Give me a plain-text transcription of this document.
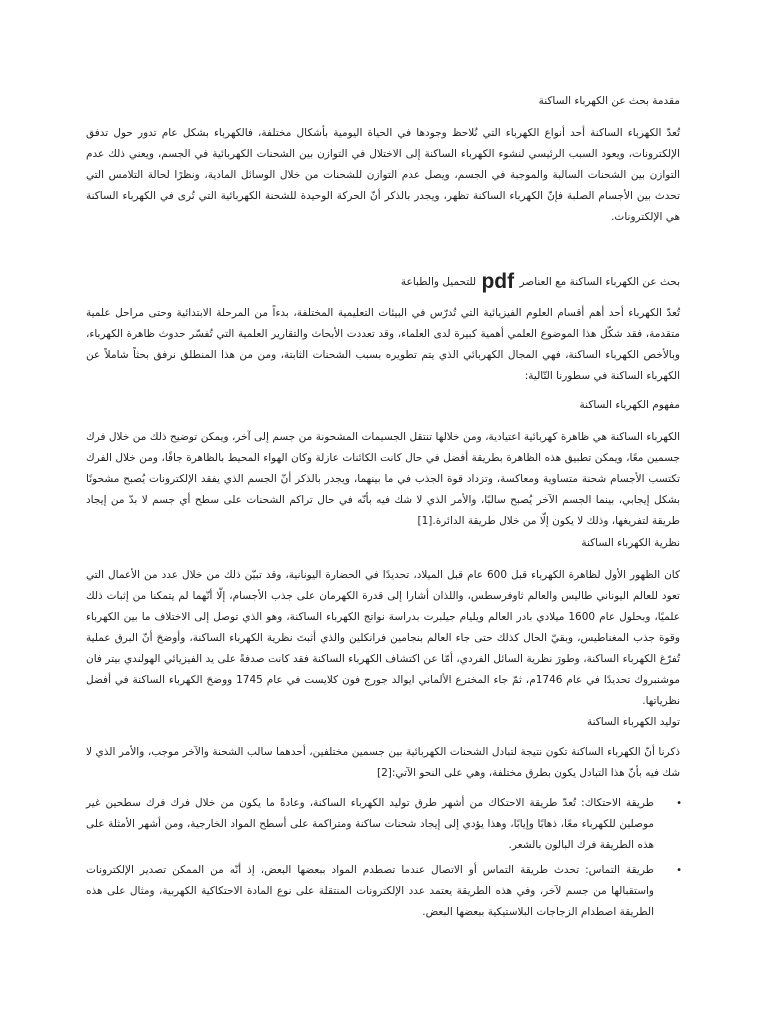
مقدمة بحث عن الكهرباء الساكنة
تُعدّ الكهرباء الساكنة أحد أنواع الكهرباء التي نُلاحظ وجودها في الحياة اليومية بأشكال مختلفة، فالكهرباء بشكل عام تدور حول تدفق الإلكترونات، ويعود السبب الرئيسي لنشوء الكهرباء الساكنة إلى الاختلال في التوازن بين الشحنات الكهربائية في الجسم، ويعني ذلك عدم التوازن بين الشحنات السالبة والموجبة في الجسم، ويصل عدم التوازن للشحنات من خلال الوسائل المادية، ونظرًا لحالة التلامس التي تحدث بين الأجسام الصلبة فإنّ الكهرباء الساكنة تظهر، ويجدر بالذكر أنّ الحركة الوحيدة للشحنة الكهربائية التي تُرى في الكهرباء الساكنة هي الإلكترونات.
بحث عن الكهرباء الساكنة مع العناصر pdf للتحميل والطباعة
تُعدّ الكهرباء أحد أهم أقسام العلوم الفيزيائية التي تُدرّس في البيئات التعليمية المختلفة، بدءاً من المرحلة الابتدائية وحتى مراحل علمية متقدمة، فقد شكّل هذا الموضوع العلمي أهمية كبيرة لدى العلماء، وقد تعددت الأبحاث والتقارير العلمية التي تُفسّر حدوث ظاهرة الكهرباء، وبالأخص الكهرباء الساكنة، فهي المجال الكهربائي الذي يتم تطويره بسبب الشحنات الثابتة، ومن من هذا المنطلق نرفق بحثاً شاملاً عن الكهرباء الساكنة في سطورنا التّالية:
مفهوم الكهرباء الساكنة
الكهرباء الساكنة هي ظاهرة كهربائية اعتيادية، ومن خلالها تنتقل الجسيمات المشحونة من جسم إلى آخر، ويمكن توضيح ذلك من خلال فرك جسمين معًا، ويمكن تطبيق هذه الظاهرة بطريقة أفضل في حال كانت الكائنات عازلة وكان الهواء المحيط بالظاهرة جافًا، ومن خلال الفرك تكتسب الأجسام شحنة متساوية ومعاكسة، وتزداد قوة الجذب في ما بينهما، ويجدر بالذكر أنّ الجسم الذي يفقد الإلكترونات يُصبح مشحونًا بشكل إيجابي، بينما الجسم الآخر يُصبح سالبًا، والأمر الذي لا شك فيه بأنّه في حال تراكم الشحنات على سطح أي جسم لا بدّ من إيجاد طريقة لتفريغها، وذلك لا يكون إلّا من خلال طريقة الدائرة.[1]
نظرية الكهرباء الساكنة
كان الظهور الأول لظاهرة الكهرباء قبل 600 عام قبل الميلاد، تحديدًا في الحضارة اليونانية، وقد تبيّن ذلك من خلال عدد من الأعمال التي تعود للعالم اليوناني طاليس والعالم ثاوفرسطس، واللذان أشارا إلى قدرة الكهرمان على جذب الأجسام، إلّا أنّهما لم يتمكنا من إثبات ذلك علميًا، وبحلول عام 1600 ميلادي بادر العالم ويليام جيلبرت بدراسة نواتج الكهرباء الساكنة، وهو الذي توصل إلى الاختلاف ما بين الكهرباء وقوة جذب المغناطيس، وبقيّ الحال كذلك حتى جاء العالم بنجامين فرانكلين والذي أثبتَ نظرية الكهرباء الساكنة، وأوضحَ أنّ البرق عملية تُفرّغ الكهرباء الساكنة، وطورَ نظرية السائل الفردي، أمّا عن اكتشاف الكهرباء الساكنة فقد كانت صدفةً على يد الفيزيائي الهولندي بيتر فان موشنبروك تحديدًا في عام 1746م، ثمّ جاء المخترع الألماني ايوالد جورج فون كلايست في عام 1745 ووضحَ الكهرباء الساكنة في أفضل نظرياتها.
توليد الكهرباء الساكنة
ذكرنا أنّ الكهرباء الساكنة تكون نتيجة لتبادل الشحنات الكهربائية بين جسمين مختلفين، أحدهما سالب الشحنة والآخر موجب، والأمر الذي لا شك فيه بأنّ هذا التبادل يكون بطرق مختلفة، وهي على النحو الآتي:[2]
•
طريقة الاحتكاك: تُعدّ طريقة الاحتكاك من أشهر طرق توليد الكهرباء الساكنة، وعادةً ما يكون من خلال فرك فرك سطحين غير موصلين للكهرباء معًا، ذهابًا وإيابًا، وهذا يؤدي إلى إيجاد شحنات ساكنة ومتراكمة على أسطح المواد الخارجية، ومن أشهر الأمثلة على هذه الطريقة فرك البالون بالشعر.
•
طريقة التماس: تحدث طريقة التماس أو الاتصال عندما تصطدم المواد ببعضها البعض، إذ أنّه من الممكن تصدير الإلكترونات واستقبالها من جسم لآخر، وفي هذه الطريقة يعتمد عدد الإلكترونات المنتقلة على نوع المادة الاحتكاكية الكهربية، ومثال على هذه الطريقة اصطدام الزجاجات البلاستيكية ببعضها البعض.
